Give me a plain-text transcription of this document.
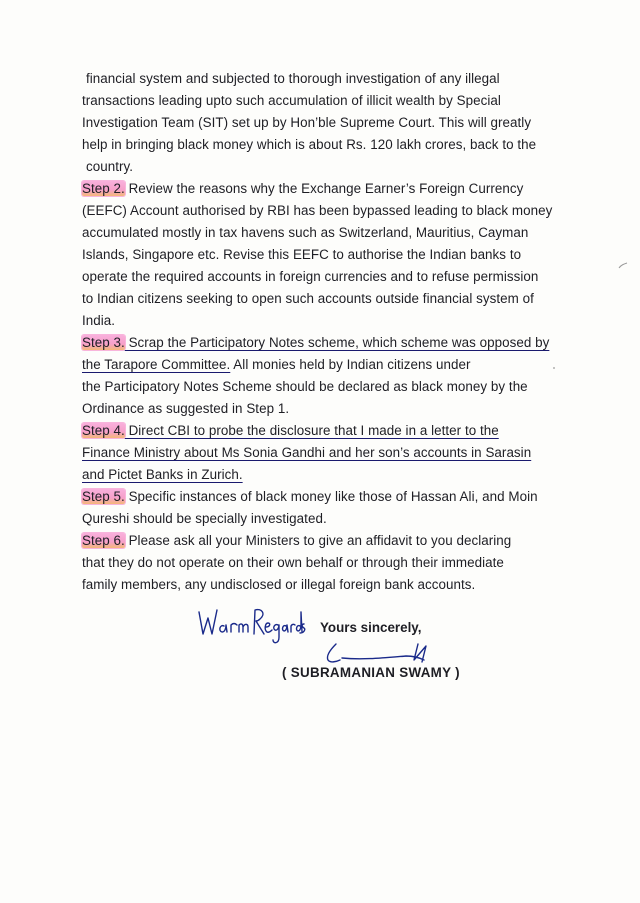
financial system and subjected to thorough investigation of any illegal
transactions leading upto such accumulation of illicit wealth by Special
Investigation Team (SIT) set up by Hon’ble Supreme Court. This will greatly
help in bringing black money which is about Rs. 120 lakh crores, back to the
country.
Step 2. Review the reasons why the Exchange Earner’s Foreign Currency
(EEFC) Account authorised by RBI has been bypassed leading to black money
accumulated mostly in tax havens such as Switzerland, Mauritius, Cayman
Islands, Singapore etc. Revise this EEFC to authorise the Indian banks to
operate the required accounts in foreign currencies and to refuse permission
to Indian citizens seeking to open such accounts outside financial system of
India.
Step 3. Scrap the Participatory Notes scheme, which scheme was opposed by
the Tarapore Committee. All monies held by Indian citizens under
the Participatory Notes Scheme should be declared as black money by the
Ordinance as suggested in Step 1.
Step 4. Direct CBI to probe the disclosure that I made in a letter to the
Finance Ministry about Ms Sonia Gandhi and her son’s accounts in Sarasin
and Pictet Banks in Zurich.
Step 5. Specific instances of black money like those of Hassan Ali, and Moin
Qureshi should be specially investigated.
Step 6. Please ask all your Ministers to give an affidavit to you declaring
that they do not operate on their own behalf or through their immediate
family members, any undisclosed or illegal foreign bank accounts.
Yours sincerely,
( SUBRAMANIAN SWAMY )
